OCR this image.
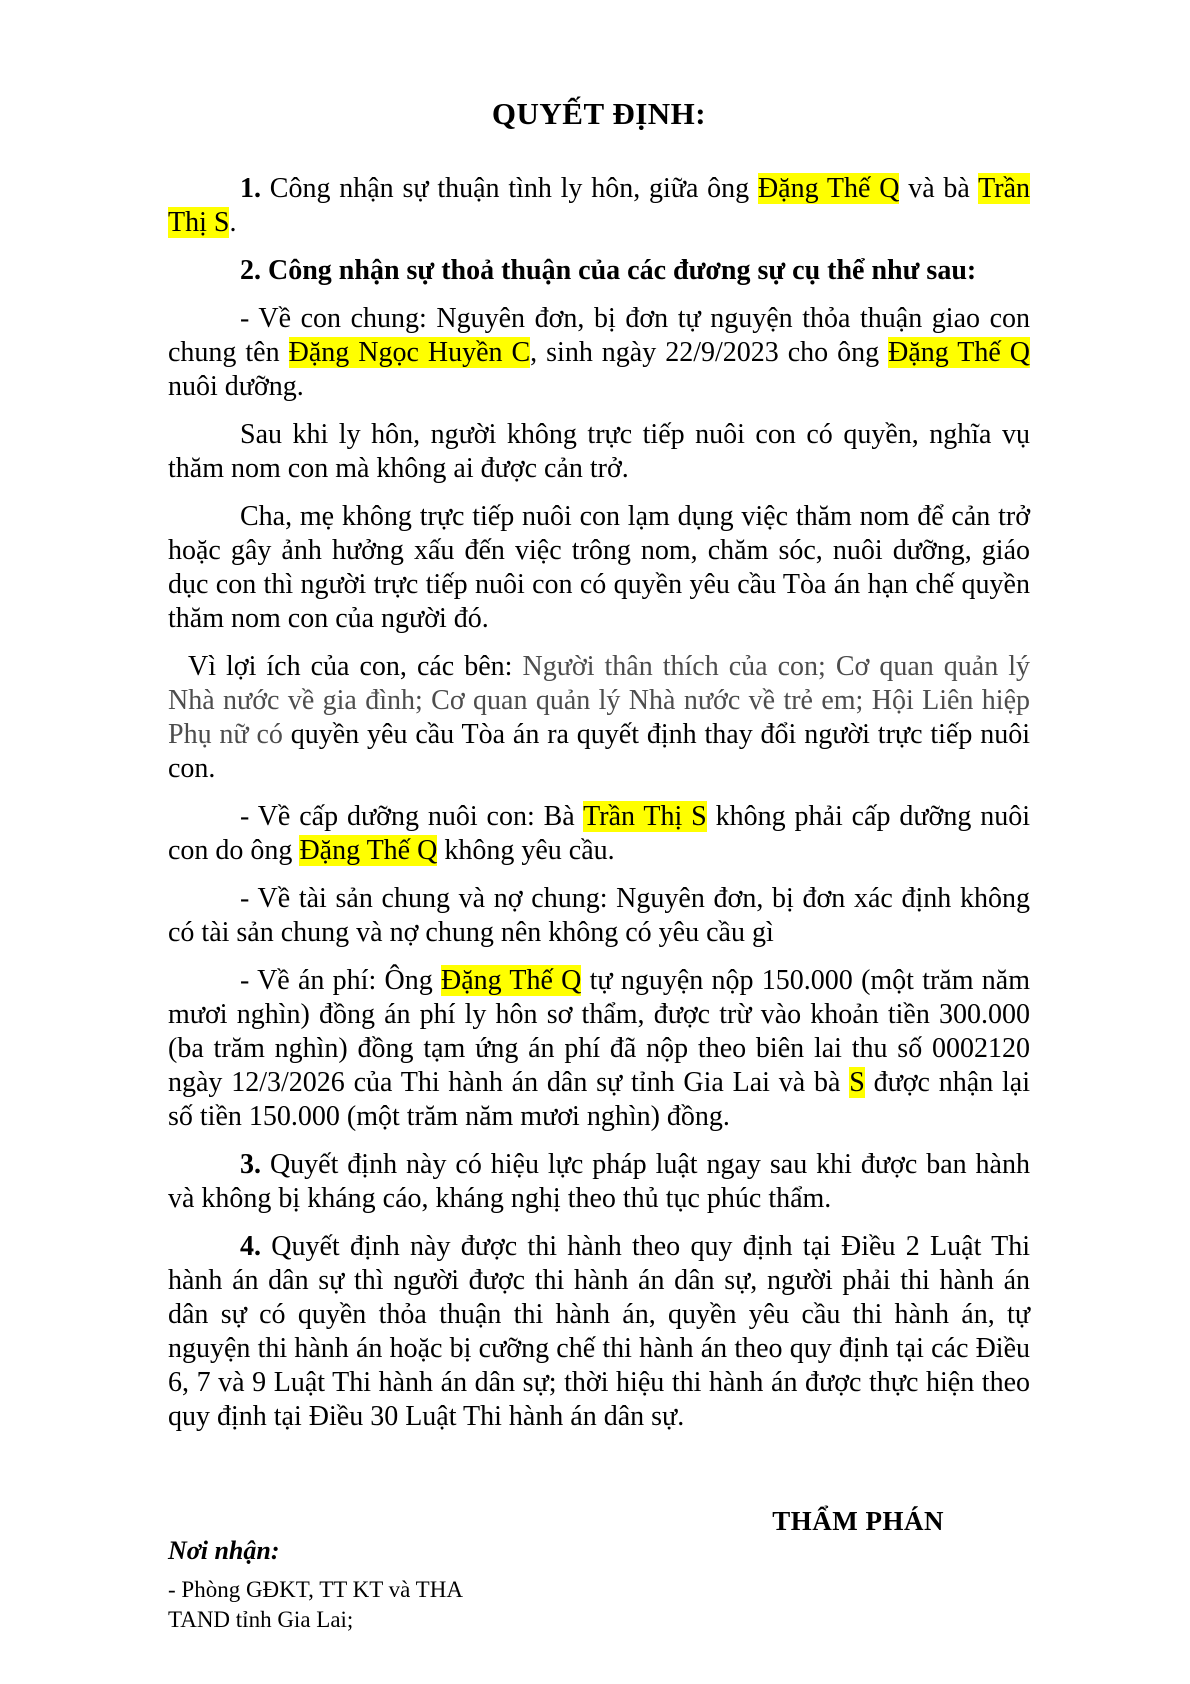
QUYẾT ĐỊNH:

1. Công nhận sự thuận tình ly hôn, giữa ông Đặng Thế Q và bà Trần Thị S.

2. Công nhận sự thoả thuận của các đương sự cụ thể như sau:

- Về con chung: Nguyên đơn, bị đơn tự nguyện thỏa thuận giao con chung tên Đặng Ngọc Huyền C, sinh ngày 22/9/2023 cho ông Đặng Thế Q nuôi dưỡng.

Sau khi ly hôn, người không trực tiếp nuôi con có quyền, nghĩa vụ thăm nom con mà không ai được cản trở.

Cha, mẹ không trực tiếp nuôi con lạm dụng việc thăm nom để cản trở hoặc gây ảnh hưởng xấu đến việc trông nom, chăm sóc, nuôi dưỡng, giáo dục con thì người trực tiếp nuôi con có quyền yêu cầu Tòa án hạn chế quyền thăm nom con của người đó.

Vì lợi ích của con, các bên: Người thân thích của con; Cơ quan quản lý Nhà nước về gia đình; Cơ quan quản lý Nhà nước về trẻ em; Hội Liên hiệp Phụ nữ có quyền yêu cầu Tòa án ra quyết định thay đổi người trực tiếp nuôi con.

- Về cấp dưỡng nuôi con: Bà Trần Thị S không phải cấp dưỡng nuôi con do ông Đặng Thế Q không yêu cầu.

- Về tài sản chung và nợ chung: Nguyên đơn, bị đơn xác định không có tài sản chung và nợ chung nên không có yêu cầu gì

- Về án phí: Ông Đặng Thế Q tự nguyện nộp 150.000 (một trăm năm mươi nghìn) đồng án phí ly hôn sơ thẩm, được trừ vào khoản tiền 300.000 (ba trăm nghìn) đồng tạm ứng án phí đã nộp theo biên lai thu số 0002120 ngày 12/3/2026 của Thi hành án dân sự tỉnh Gia Lai và bà S được nhận lại số tiền 150.000 (một trăm năm mươi nghìn) đồng.

3. Quyết định này có hiệu lực pháp luật ngay sau khi được ban hành và không bị kháng cáo, kháng nghị theo thủ tục phúc thẩm.

4. Quyết định này được thi hành theo quy định tại Điều 2 Luật Thi hành án dân sự thì người được thi hành án dân sự, người phải thi hành án dân sự có quyền thỏa thuận thi hành án, quyền yêu cầu thi hành án, tự nguyện thi hành án hoặc bị cưỡng chế thi hành án theo quy định tại các Điều 6, 7 và 9 Luật Thi hành án dân sự; thời hiệu thi hành án được thực hiện theo quy định tại Điều 30 Luật Thi hành án dân sự.

Nơi nhận:
- Phòng GĐKT, TT KT và THA
TAND tỉnh Gia Lai;
THẨM PHÁN
